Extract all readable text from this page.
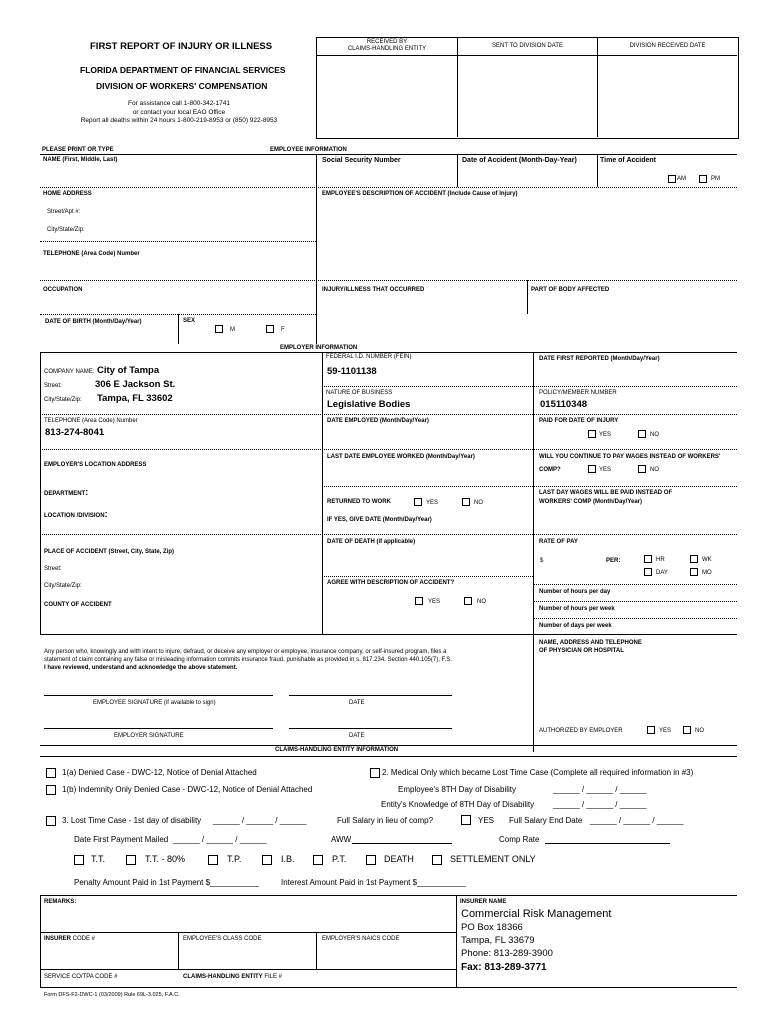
FIRST REPORT OF INJURY OR ILLNESS
FLORIDA DEPARTMENT OF FINANCIAL SERVICES
DIVISION OF WORKERS' COMPENSATION
For assistance call 1-800-342-1741
or contact your local EAO Office
Report all deaths within 24 hours 1-800-219-8953 or (850) 922-8953
RECEIVED BY
CLAIMS-HANDLING ENTITY	SENT TO DIVISION DATE	DIVISION RECEIVED DATE
PLEASE PRINT OR TYPE	EMPLOYEE INFORMATION
NAME (First, Middle, Last)	Social Security Number	Date of Accident (Month-Day-Year)	Time of Accident
AM	PM
HOME ADDRESS	EMPLOYEE'S DESCRIPTION OF ACCIDENT (Include Cause of Injury)
Street/Apt #:
City/State/Zip:
TELEPHONE (Area Code) Number
OCCUPATION	INJURY/ILLNESS THAT OCCURRED	PART OF BODY AFFECTED
DATE OF BIRTH (Month/Day/Year)	SEX
M	F
EMPLOYER INFORMATION
COMPANY NAME: City of Tampa
Street:	306 E Jackson St.
City/State/Zip: Tampa, FL 33602
FEDERAL I.D. NUMBER (FEIN)
59-1101138
DATE FIRST REPORTED (Month/Day/Year)
NATURE OF BUSINESS
Legislative Bodies
POLICY/MEMBER NUMBER
015110348
TELEPHONE (Area Code) Number
813-274-8041
DATE EMPLOYED (Month/Day/Year)	PAID FOR DATE OF INJURY
YES	NO
EMPLOYER'S LOCATION ADDRESS
LAST DATE EMPLOYEE WORKED (Month/Day/Year)	WILL YOU CONTINUE TO PAY WAGES INSTEAD OF WORKERS'
COMP?	YES	NO
DEPARTMENT:
RETURNED TO WORK	YES	NO
LAST DAY WAGES WILL BE PAID INSTEAD OF
WORKERS' COMP (Month/Day/Year)
LOCATION /DIVISION:
IF YES, GIVE DATE (Month/Day/Year)
PLACE OF ACCIDENT (Street, City, State, Zip)
DATE OF DEATH (if applicable)	RATE OF PAY
$	PER:	HR	WK
DAY	MO
Street:
City/State/Zip:	AGREE WITH DESCRIPTION OF ACCIDENT?
Number of hours per day
YES	NO
COUNTY OF ACCIDENT
Number of hours per week
Number of days per week
Any person who, knowingly and with intent to injure, defraud, or deceive any employer or employee, insurance company, or self-insured program, files a
statement of claim containing any false or misleading information commits insurance fraud, punishable as provided in s. 817.234. Section 440.105(7), F.S.
I have reviewed, understand and acknowledge the above statement.
NAME, ADDRESS AND TELEPHONE
OF PHYSICIAN OR HOSPITAL
EMPLOYEE SIGNATURE (if available to sign)	DATE
EMPLOYER SIGNATURE	DATE
AUTHORIZED BY EMPLOYER	YES	NO
CLAIMS-HANDLING ENTITY INFORMATION
1(a) Denied Case - DWC-12, Notice of Denial Attached	2. Medical Only which became Lost Time Case (Complete all required information in #3)
1(b) Indemnity Only Denied Case - DWC-12, Notice of Denial Attached	Employee's 8TH Day of Disability	______ / ______ / ______
Entity's Knowledge of 8TH Day of Disability ______ / ______ / ______
3. Lost Time Case - 1st day of disability ______ / ______ / ______	Full Salary in lieu of comp?	YES Full Salary End Date ______ / ______ / ______
Date First Payment Mailed ______ / ______ / ______	AWW	Comp Rate
T.T.	T.T. - 80%	T.P.	I.B.	P.T.	DEATH	SETTLEMENT ONLY
Penalty Amount Paid in 1st Payment $ ___________	Interest Amount Paid in 1st Payment $ ___________
REMARKS:	INSURER NAME
Commercial Risk Management
PO Box 18366
Tampa, FL 33679
Phone: 813-289-3900
Fax: 813-289-3771
INSURER CODE #	EMPLOYEE'S CLASS CODE	EMPLOYER'S NAICS CODE
SERVICE CO/TPA CODE #	CLAIMS-HANDLING ENTITY FILE #
Form DFS-F2-DWC-1 (03/2009) Rule 69L-3.025, F.A.C.
